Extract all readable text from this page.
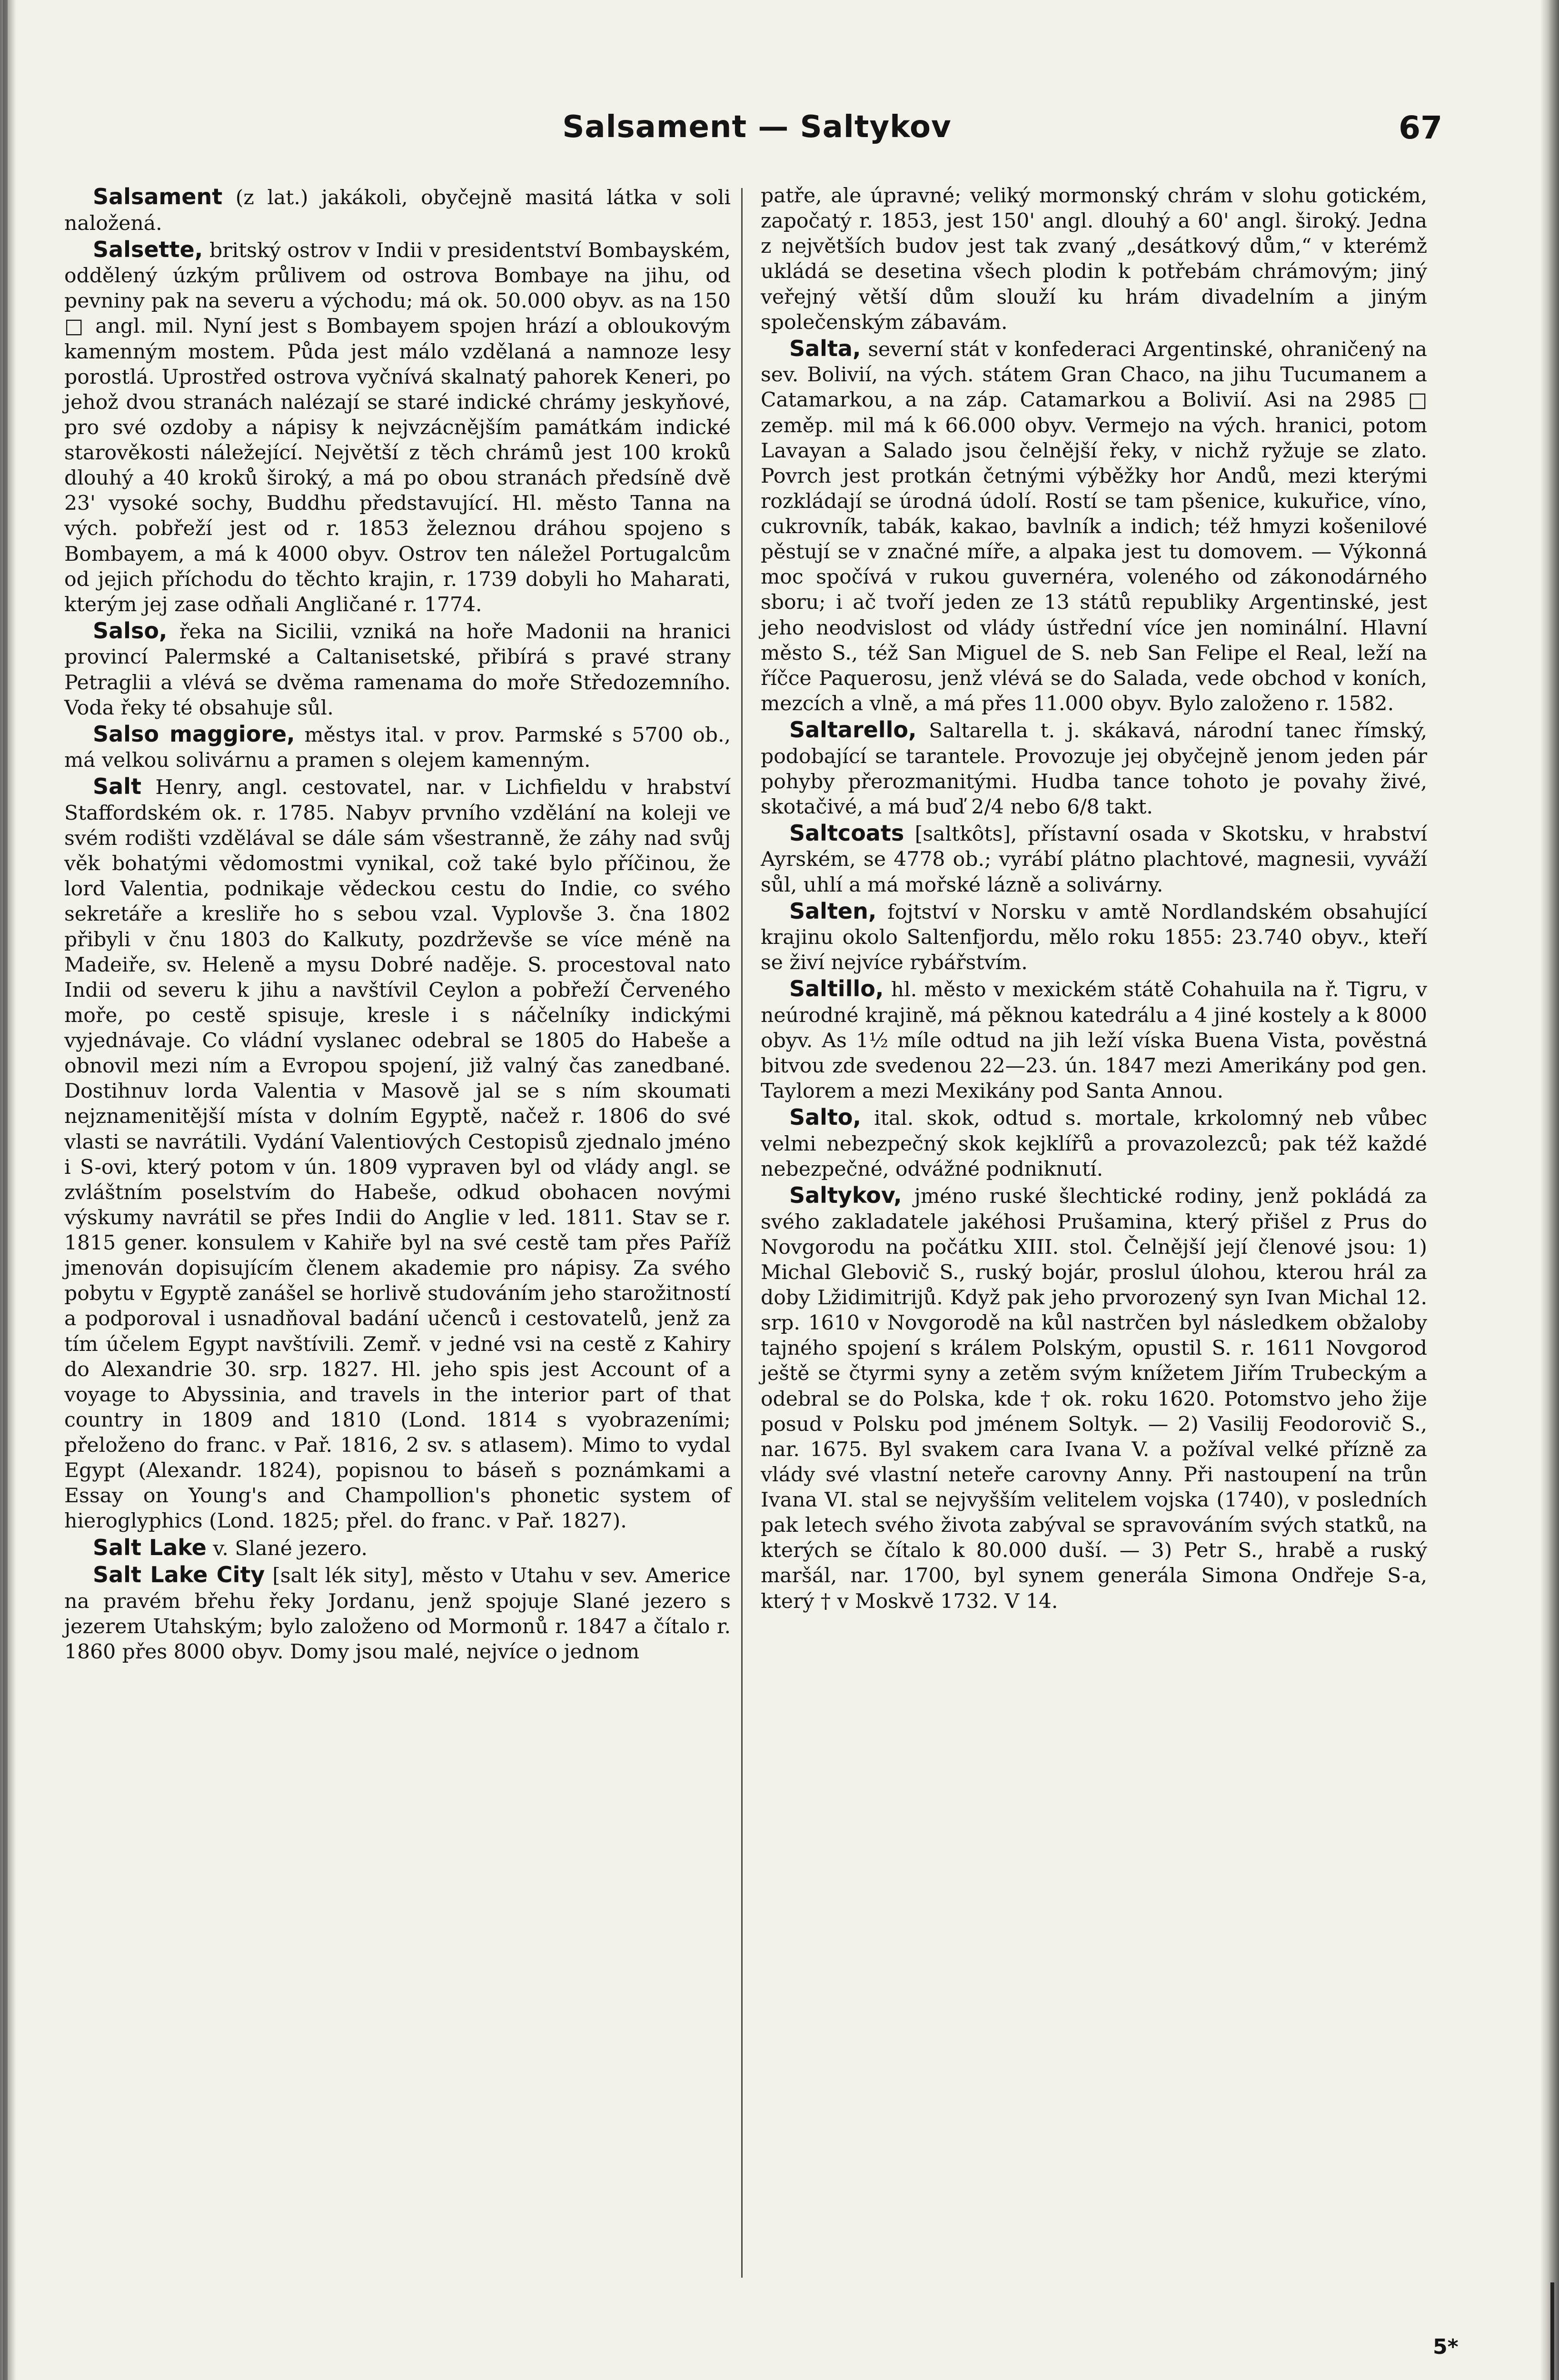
Salsament — Saltykov	67

Salsament (z lat.) jakákoli, obyčejně masitá látka v soli naložená.

Salsette, britský ostrov v Indii v presidentství Bombayském, oddělený úzkým průlivem od ostrova Bombaye na jihu, od pevniny pak na severu a východu; má ok. 50.000 obyv. as na 150 □ angl. mil. Nyní jest s Bombayem spojen hrází a obloukovým kamenným mostem. Půda jest málo vzdělaná a namnoze lesy porostlá. Uprostřed ostrova vyčnívá skalnatý pahorek Keneri, po jehož dvou stranách nalézají se staré indické chrámy jeskyňové, pro své ozdoby a nápisy k nejvzácnějším památkám indické starověkosti náležející. Největší z těch chrámů jest 100 kroků dlouhý a 40 kroků široký, a má po obou stranách předsíně dvě 23' vysoké sochy, Buddhu představující. Hl. město Tanna na vých. pobřeží jest od r. 1853 železnou dráhou spojeno s Bombayem, a má k 4000 obyv. Ostrov ten náležel Portugalcům od jejich příchodu do těchto krajin, r. 1739 dobyli ho Maharati, kterým jej zase odňali Angličané r. 1774.

Salso, řeka na Sicilii, vzniká na hoře Madonii na hranici provincí Palermské a Caltanisetské, přibírá s pravé strany Petraglii a vlévá se dvěma ramenama do moře Středozemního. Voda řeky té obsahuje sůl.

Salso maggiore, městys ital. v prov. Parmské s 5700 ob., má velkou solivárnu a pramen s olejem kamenným.

Salt Henry, angl. cestovatel, nar. v Lichfieldu v hrabství Staffordském ok. r. 1785. Nabyv prvního vzdělání na koleji ve svém rodišti vzdělával se dále sám všestranně, že záhy nad svůj věk bohatými vědomostmi vynikal, což také bylo příčinou, že lord Valentia, podnikaje vědeckou cestu do Indie, co svého sekretáře a kresliře ho s sebou vzal. Vyplovše 3. čna 1802 přibyli v čnu 1803 do Kalkuty, pozdrževše se více méně na Madeiře, sv. Heleně a mysu Dobré naděje. S. procestoval nato Indii od severu k jihu a navštívil Ceylon a pobřeží Červeného moře, po cestě spisuje, kresle i s náčelníky indickými vyjednávaje. Co vládní vyslanec odebral se 1805 do Habeše a obnovil mezi ním a Evropou spojení, již valný čas zanedbané. Dostihnuv lorda Valentia v Masově jal se s ním skoumati nejznamenitější místa v dolním Egyptě, načež r. 1806 do své vlasti se navrátili. Vydání Valentiových Cestopisů zjednalo jméno i S-ovi, který potom v ún. 1809 vypraven byl od vlády angl. se zvláštním poselstvím do Habeše, odkud obohacen novými výskumy navrátil se přes Indii do Anglie v led. 1811. Stav se r. 1815 gener. konsulem v Kahiře byl na své cestě tam přes Paříž jmenován dopisujícím členem akademie pro nápisy. Za svého pobytu v Egyptě zanášel se horlivě studováním jeho starožitností a podporoval i usnadňoval badání učenců i cestovatelů, jenž za tím účelem Egypt navštívili. Zemř. v jedné vsi na cestě z Kahiry do Alexandrie 30. srp. 1827. Hl. jeho spis jest Account of a voyage to Abyssinia, and travels in the interior part of that country in 1809 and 1810 (Lond. 1814 s vyobrazeními; přeloženo do franc. v Pař. 1816, 2 sv. s atlasem). Mimo to vydal Egypt (Alexandr. 1824), popisnou to báseň s poznámkami a Essay on Young's and Champollion's phonetic system of hieroglyphics (Lond. 1825; přel. do franc. v Pař. 1827).

Salt Lake v. Slané jezero.

Salt Lake City [salt lék sity], město v Utahu v sev. Americe na pravém břehu řeky Jordanu, jenž spojuje Slané jezero s jezerem Utahským; bylo založeno od Mormonů r. 1847 a čítalo r. 1860 přes 8000 obyv. Domy jsou malé, nejvíce o jednom

patře, ale úpravné; veliký mormonský chrám v slohu gotickém, započatý r. 1853, jest 150' angl. dlouhý a 60' angl. široký. Jedna z největších budov jest tak zvaný „desátkový dům,“ v kterémž ukládá se desetina všech plodin k potřebám chrámovým; jiný veřejný větší dům slouží ku hrám divadelním a jiným společenským zábavám.

Salta, severní stát v konfederaci Argentinské, ohraničený na sev. Bolivií, na vých. státem Gran Chaco, na jihu Tucumanem a Catamarkou, a na záp. Catamarkou a Bolivií. Asi na 2985 □ zeměp. mil má k 66.000 obyv. Vermejo na vých. hranici, potom Lavayan a Salado jsou čelnější řeky, v nichž ryžuje se zlato. Povrch jest protkán četnými výběžky hor Andů, mezi kterými rozkládají se úrodná údolí. Rostí se tam pšenice, kukuřice, víno, cukrovník, tabák, kakao, bavlník a indich; též hmyzi košenilové pěstují se v značné míře, a alpaka jest tu domovem. — Výkonná moc spočívá v rukou guvernéra, voleného od zákonodárného sboru; i ač tvoří jeden ze 13 států republiky Argentinské, jest jeho neodvislost od vlády ústřední více jen nominální. Hlavní město S., též San Miguel de S. neb San Felipe el Real, leží na říčce Paquerosu, jenž vlévá se do Salada, vede obchod v koních, mezcích a vlně, a má přes 11.000 obyv. Bylo založeno r. 1582.

Saltarello, Saltarella t. j. skákavá, národní tanec římský, podobající se tarantele. Provozuje jej obyčejně jenom jeden pár pohyby přerozmanitými. Hudba tance tohoto je povahy živé, skotačivé, a má buď 2/4 nebo 6/8 takt.

Saltcoats [saltkôts], přístavní osada v Skotsku, v hrabství Ayrském, se 4778 ob.; vyrábí plátno plachtové, magnesii, vyváží sůl, uhlí a má mořské lázně a solivárny.

Salten, fojtství v Norsku v amtě Nordlandském obsahující krajinu okolo Saltenfjordu, mělo roku 1855: 23.740 obyv., kteří se živí nejvíce rybářstvím.

Saltillo, hl. město v mexickém státě Cohahuila na ř. Tigru, v neúrodné krajině, má pěknou katedrálu a 4 jiné kostely a k 8000 obyv. As 1½ míle odtud na jih leží víska Buena Vista, pověstná bitvou zde svedenou 22—23. ún. 1847 mezi Amerikány pod gen. Taylorem a mezi Mexikány pod Santa Annou.

Salto, ital. skok, odtud s. mortale, krkolomný neb vůbec velmi nebezpečný skok kejklířů a provazolezců; pak též každé nebezpečné, odvážné podniknutí.

Saltykov, jméno ruské šlechtické rodiny, jenž pokládá za svého zakladatele jakéhosi Prušamina, který přišel z Prus do Novgorodu na počátku XIII. stol. Čelnější její členové jsou: 1) Michal Glebovič S., ruský bojár, proslul úlohou, kterou hrál za doby Lžidimitrijů. Když pak jeho prvorozený syn Ivan Michal 12. srp. 1610 v Novgorodě na kůl nastrčen byl následkem obžaloby tajného spojení s králem Polským, opustil S. r. 1611 Novgorod ještě se čtyrmi syny a zetěm svým knížetem Jiřím Trubeckým a odebral se do Polska, kde † ok. roku 1620. Potomstvo jeho žije posud v Polsku pod jménem Soltyk. — 2) Vasilij Feodorovič S., nar. 1675. Byl svakem cara Ivana V. a požíval velké přízně za vlády své vlastní neteře carovny Anny. Při nastoupení na trůn Ivana VI. stal se nejvyšším velitelem vojska (1740), v posledních pak letech svého života zabýval se spravováním svých statků, na kterých se čítalo k 80.000 duší. — 3) Petr S., hrabě a ruský maršál, nar. 1700, byl synem generála Simona Ondřeje S-a, který † v Moskvě 1732. V 14.

5*
